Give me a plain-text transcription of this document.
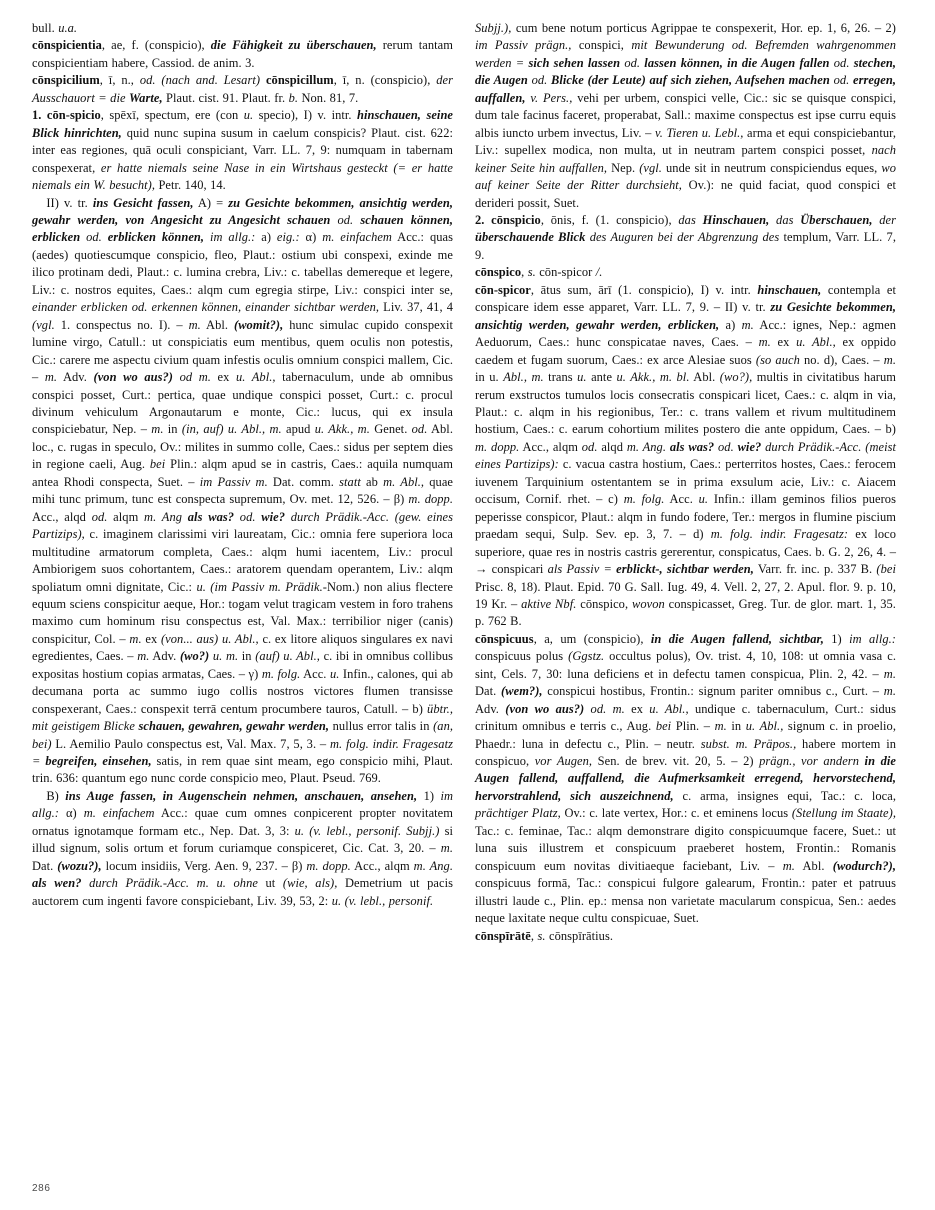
bull. u.a.

cōnspicientia, ae, f. (conspicio), die Fähigkeit zu überschauen, rerum tantam conspicientiam habere, Cassiod. de anim. 3.

cōnspicilium, ī, n., od. (nach and. Lesart) cōnspicillum, ī, n. (conspicio), der Ausschauort = die Warte, Plaut. cist. 91. Plaut. fr. b. Non. 81, 7.

1. cōn-spicio, spēxī, spectum, ere (con u. specio), I) v. intr. hinschauen, seine Blick hinrichten, quid nunc supina susum in caelum conspicis? Plaut. cist. 622: inter eas regiones, quā oculi conspiciant, Varr. LL. 7, 9: numquam in tabernam conspexerat, er hatte niemals seine Nase in ein Wirtshaus gesteckt (= er hatte niemals ein W. besucht), Petr. 140, 14.

II) v. tr. ins Gesicht fassen, A) = zu Gesichte bekommen, ansichtig werden, gewahr werden, von Angesicht zu Angesicht schauen od. schauen können, erblicken od. erblicken können, im allg.: a) eig.: α) m. einfachem Acc.: quas (aedes) quotiescumque conspicio, fleo, Plaut.: ostium ubi conspexi, exinde me ilico protinam dedi, Plaut.: c. lumina crebra, Liv.: c. tabellas demereque et legere, Liv.: c. nostros equites, Caes.: alqm cum egregia stirpe, Liv.: conspici inter se, einander erblicken od. erkennen können, einander sichtbar werden, Liv. 37, 41, 4 (vgl. 1. conspectus no. I). – m. Abl. (womit?), hunc simulac cupido conspexit lumine virgo, Catull.: ut conspiciatis eum mentibus, quem oculis non potestis, Cic.: carere me aspectu civium quam infestis oculis omnium conspici mallem, Cic. – m. Adv. (von wo aus?) od m. ex u. Abl., tabernaculum, unde ab omnibus conspici posset, Curt.: pertica, quae undique conspici posset, Curt.: c. procul divinum vehiculum Argonautarum e monte, Cic.: lucus, qui ex insula conspiciebatur, Nep. – m. in (in, auf) u. Abl., m. apud u. Akk., m. Genet. od. Abl. loc., c. rugas in speculo, Ov.: milites in summo colle, Caes.: sidus per septem dies in regione caeli, Aug. bei Plin.: alqm apud se in castris, Caes.: aquila numquam antea Rhodi conspecta, Suet. – im Passiv m. Dat. comm. statt ab m. Abl., quae mihi tunc primum, tunc est conspecta supremum, Ov. met. 12, 526. – β) m. dopp. Acc., alqd od. alqm m. Ang als was? od. wie? durch Prädik.-Acc. (gew. eines Partizips), c. imaginem clarissimi viri laureatam, Cic.: omnia fere superiora loca multitudine armatorum completa, Caes.: alqm humi iacentem, Liv.: procul Ambiorigem suos cohortantem, Caes.: aratorem quendam operantem, Liv.: alqm spoliatum omni dignitate, Cic.: u. (im Passiv m. Prädik.-Nom.) non alius flectere equum sciens conspicitur aeque, Hor.: togam velut tragicam vestem in foro trahens maximo cum hominum risu conspectus est, Val. Max.: terribilior niger (canis) conspicitur, Col. – m. ex (von... aus) u. Abl., c. ex litore aliquos singulares ex navi egredientes, Caes. – m. Adv. (wo?) u. m. in (auf) u. Abl., c. ibi in omnibus collibus expositas hostium copias armatas, Caes. – γ) m. folg. Acc. u. Infin., calones, qui ab decumana porta ac summo iugo collis nostros victores flumen transisse conspexerant, Caes.: conspexit terrā centum procumbere tauros, Catull. – b) übtr., mit geistigem Blicke schauen, gewahren, gewahr werden, nullus error talis in (an, bei) L. Aemilio Paulo conspectus est, Val. Max. 7, 5, 3. – m. folg. indir. Fragesatz = begreifen, einsehen, satis, in rem quae sint meam, ego conspicio mihi, Plaut. trin. 636: quantum ego nunc corde conspicio meo, Plaut. Pseud. 769.

B) ins Auge fassen, in Augenschein nehmen, anschauen, ansehen, 1) im allg.: α) m. einfachem Acc.: quae cum omnes conpicerent propter novitatem ornatus ignotamque formam etc., Nep. Dat. 3, 3: u. (v. lebl., personif. Subjj.) si illud signum, solis ortum et forum curiamque conspiceret, Cic. Cat. 3, 20. – m. Dat. (wozu?), locum insidiis, Verg. Aen. 9, 237. – β) m. dopp. Acc., alqm m. Ang. als wen? durch Prädik.-Acc. m. u. ohne ut (wie, als), Demetrium ut pacis auctorem cum ingenti favore conspiciebant, Liv. 39, 53, 2: u. (v. lebl., personif.

Subjj.), cum bene notum porticus Agrippae te conspexerit, Hor. ep. 1, 6, 26. – 2) im Passiv prägn., conspici, mit Bewunderung od. Befremden wahrgenommen werden = sich sehen lassen od. lassen können, in die Augen fallen od. stechen, die Augen od. Blicke (der Leute) auf sich ziehen, Aufsehen machen od. erregen, auffallen, v. Pers., vehi per urbem, conspici velle, Cic.: sic se quisque conspici, dum tale facinus faceret, properabat, Sall.: maxime conspectus est ipse curru equis albis iuncto urbem invectus, Liv. – v. Tieren u. Lebl., arma et equi conspiciebantur, Liv.: supellex modica, non multa, ut in neutram partem conspici posset, nach keiner Seite hin auffallen, Nep. (vgl. unde sit in neutrum conspiciendus eques, wo auf keiner Seite der Ritter durchsieht, Ov.): ne quid faciat, quod conspici et derideri possit, Suet.

2. cōnspicio, ōnis, f. (1. conspicio), das Hinschauen, das Überschauen, der überschauende Blick des Auguren bei der Abgrenzung des templum, Varr. LL. 7, 9.

cōnspico, s. cōn-spicor /.

cōn-spicor, ātus sum, ārī (1. conspicio), I) v. intr. hinschauen, contempla et conspicare idem esse apparet, Varr. LL. 7, 9. – II) v. tr. zu Gesichte bekommen, ansichtig werden, gewahr werden, erblicken, a) m. Acc.: ignes, Nep.: agmen Aeduorum, Caes.: hunc conspicatae naves, Caes. – m. ex u. Abl., ex oppido caedem et fugam suorum, Caes.: ex arce Alesiae suos (so auch no. d), Caes. – m. in u. Abl., m. trans u. ante u. Akk., m. bl. Abl. (wo?), multis in civitatibus harum rerum exstructos tumulos locis consecratis conspicari licet, Caes.: c. alqm in via, Plaut.: c. alqm in his regionibus, Ter.: c. trans vallem et rivum multitudinem hostium, Caes.: c. earum cohortium milites postero die ante oppidum, Caes. – b) m. dopp. Acc., alqm od. alqd m. Ang. als was? od. wie? durch Prädik.-Acc. (meist eines Partizips): c. vacua castra hostium, Caes.: perterritos hostes, Caes.: ferocem iuvenem Tarquinium ostentantem se in prima exsulum acie, Liv.: c. Aiacem occisum, Cornif. rhet. – c) m. folg. Acc. u. Infin.: illam geminos filios pueros peperisse conspicor, Plaut.: alqm in fundo fodere, Ter.: mergos in flumine piscium praedam sequi, Sulp. Sev. ep. 3, 7. – d) m. folg. indir. Fragesatz: ex loco superiore, quae res in nostris castris gererentur, conspicatus, Caes. b. G. 2, 26, 4. – → conspicari als Passiv = erblickt-, sichtbar werden, Varr. fr. inc. p. 337 B. (bei Prisc. 8, 18). Plaut. Epid. 70 G. Sall. Iug. 49, 4. Vell. 2, 27, 2. Apul. flor. 9. p. 10, 19 Kr. – aktive Nbf. cōnspico, wovon conspicasset, Greg. Tur. de glor. mart. 1, 35. p. 762 B.

cōnspicuus, a, um (conspicio), in die Augen fallend, sichtbar, 1) im allg.: conspicuus polus (Ggstz. occultus polus), Ov. trist. 4, 10, 108: ut omnia vasa c. sint, Cels. 7, 30: luna deficiens et in defectu tamen conspicua, Plin. 2, 42. – m. Dat. (wem?), conspicui hostibus, Frontin.: signum pariter omnibus c., Curt. – m. Adv. (von wo aus?) od. m. ex u. Abl., undique c. tabernaculum, Curt.: sidus crinitum omnibus e terris c., Aug. bei Plin. – m. in u. Abl., signum c. in proelio, Phaedr.: luna in defectu c., Plin. – neutr. subst. m. Präpos., habere mortem in conspicuo, vor Augen, Sen. de brev. vit. 20, 5. – 2) prägn., vor andern in die Augen fallend, auffallend, die Aufmerksamkeit erregend, hervorstechend, hervorstrahlend, sich auszeichnend, c. arma, insignes equi, Tac.: c. loca, prächtiger Platz, Ov.: c. late vertex, Hor.: c. et eminens locus (Stellung im Staate), Tac.: c. feminae, Tac.: alqm demonstrare digito conspicuumque facere, Suet.: ut luna suis illustrem et conspicuum praeberet hostem, Frontin.: Romanis conspicuum eum novitas divitiaeque faciebant, Liv. – m. Abl. (wodurch?), conspicuus formā, Tac.: conspicui fulgore galearum, Frontin.: pater et patruus illustri laude c., Plin. ep.: mensa non varietate macularum conspicua, Sen.: aedes neque laxitate neque cultu conspicuae, Suet.

cōnspīrātē, s. cōnspīrātius.

286
